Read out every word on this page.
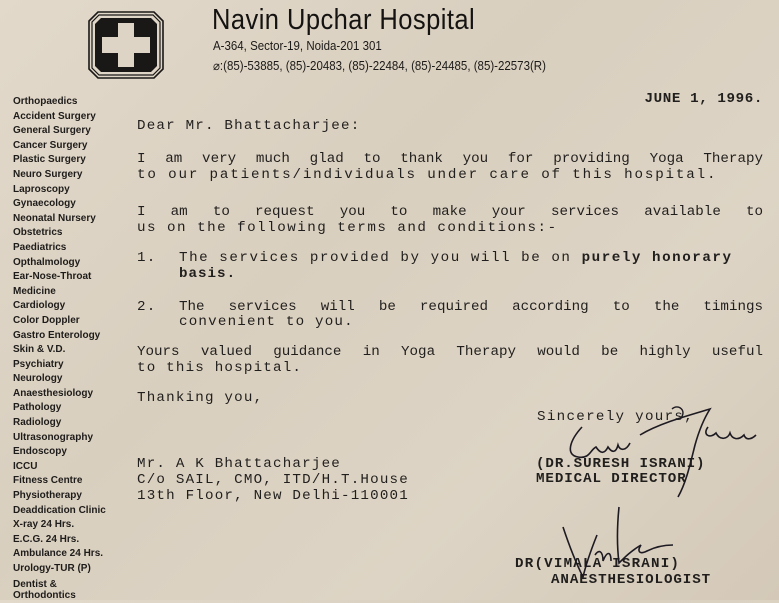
Navin Upchar Hospital
A-364, Sector-19, Noida-201 301
⌀:(85)-53885, (85)-20483, (85)-22484, (85)-24485, (85)-22573(R)
Orthopaedics
Accident Surgery
General Surgery
Cancer Surgery
Plastic Surgery
Neuro Surgery
Laproscopy
Gynaecology
Neonatal Nursery
Obstetrics
Paediatrics
Opthalmology
Ear-Nose-Throat
Medicine
Cardiology
Color Doppler
Gastro Enterology
Skin & V.D.
Psychiatry
Neurology
Anaesthesiology
Pathology
Radiology
Ultrasonography
Endoscopy
ICCU
Fitness Centre
Physiotherapy
Deaddication Clinic
X-ray 24 Hrs.
E.C.G. 24 Hrs.
Ambulance 24 Hrs.
Urology-TUR (P)
Dentist &
Orthodontics
JUNE 1, 1996.
Dear Mr. Bhattacharjee:
I am very much glad to thank you for providing Yoga Therapy
to our patients/individuals under care of this hospital.
I am to request you to make your services available to
us on the following terms and conditions:-
1. The services provided by you will be on purely honorary
basis.
2. The services will be required according to the timings
convenient to you.
Yours valued guidance in Yoga Therapy would be highly useful
to this hospital.
Thanking you,
Sincerely yours,
(DR.SURESH ISRANI)
MEDICAL DIRECTOR
Mr. A K Bhattacharjee
C/o SAIL, CMO, ITD/H.T.House
13th Floor, New Delhi-110001
DR(VIMALA ISRANI)
ANAESTHESIOLOGIST
